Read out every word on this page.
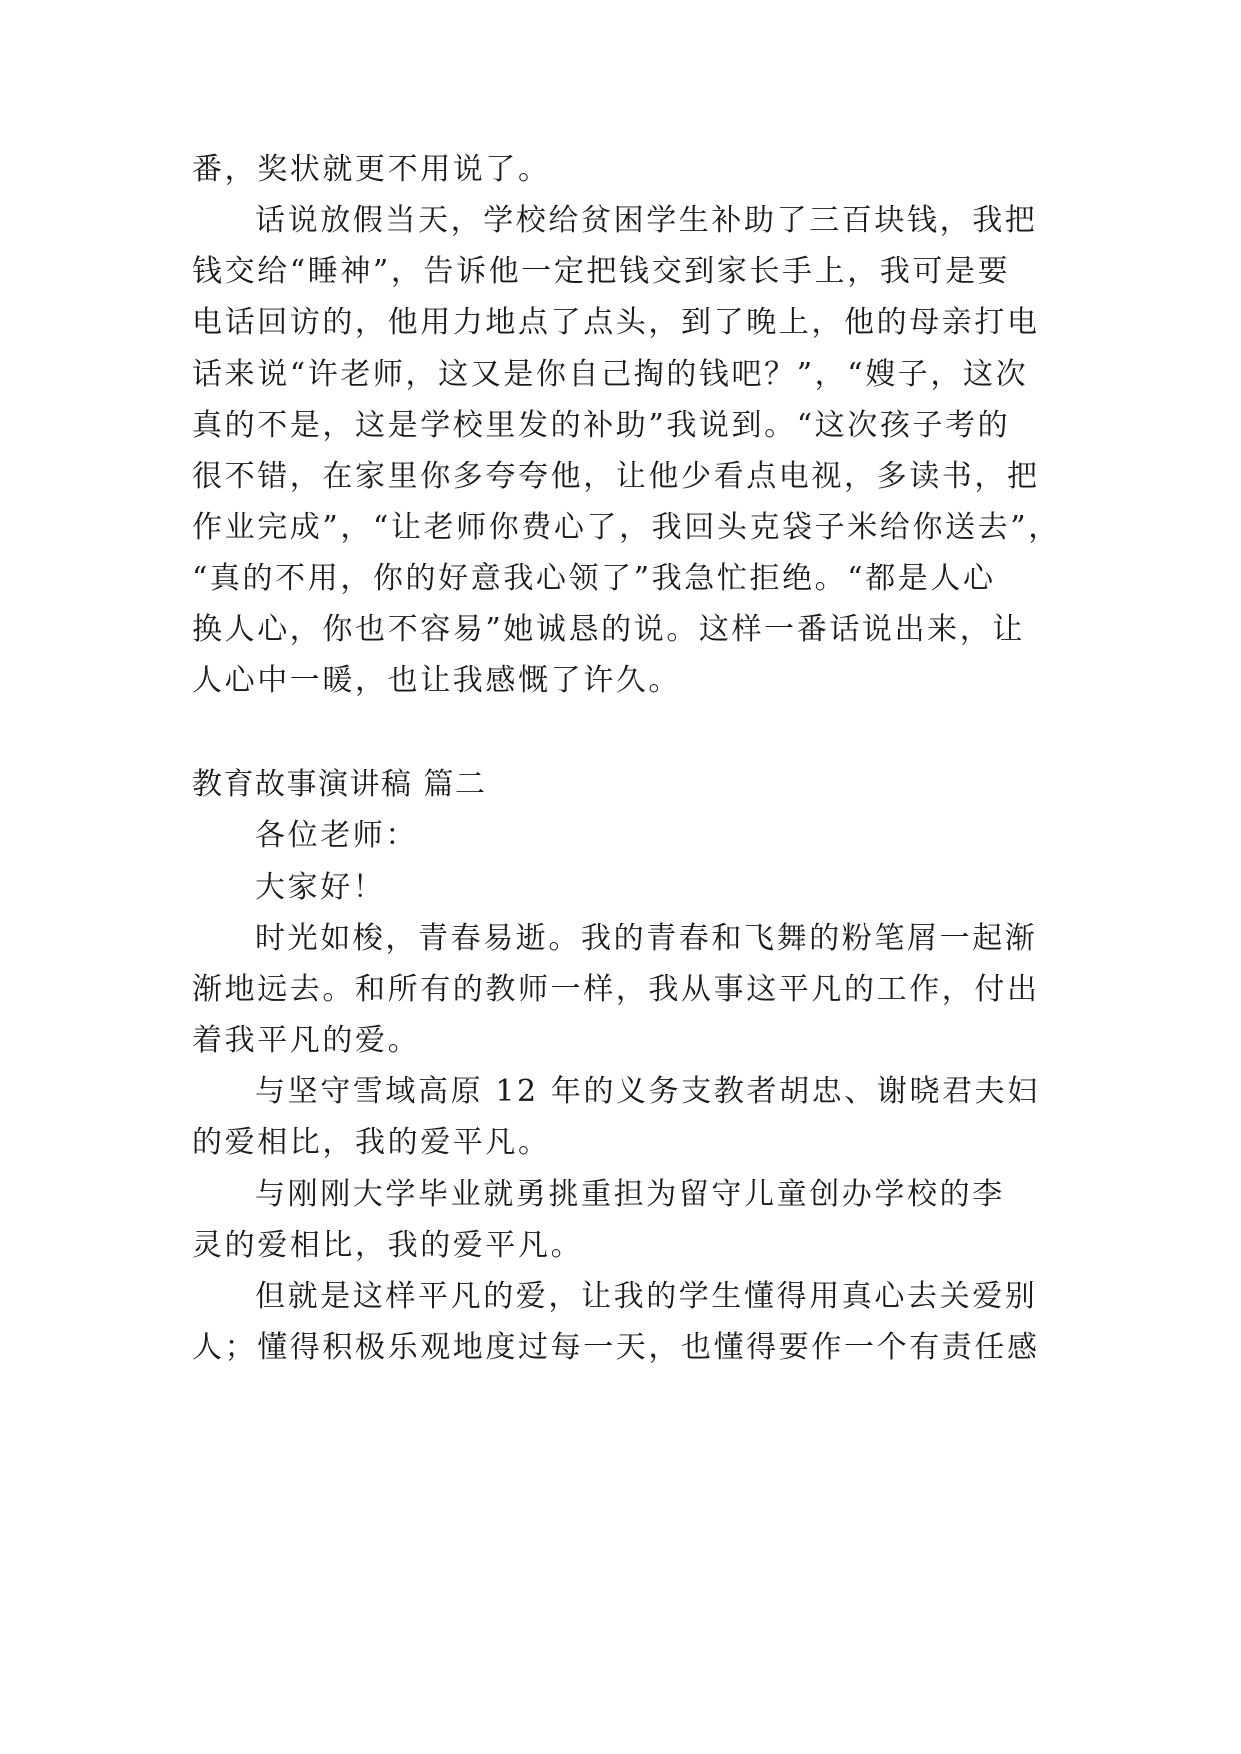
番，奖状就更不用说了。
话说放假当天，学校给贫困学生补助了三百块钱，我把
钱交给“睡神”，告诉他一定把钱交到家长手上，我可是要
电话回访的，他用力地点了点头，到了晚上，他的母亲打电
话来说“许老师，这又是你自己掏的钱吧？”，“嫂子，这次
真的不是，这是学校里发的补助”我说到。“这次孩子考的
很不错，在家里你多夸夸他，让他少看点电视，多读书，把
作业完成”，“让老师你费心了，我回头克袋子米给你送去”，
“真的不用，你的好意我心领了”我急忙拒绝。“都是人心
换人心，你也不容易”她诚恳的说。这样一番话说出来，让
人心中一暖，也让我感慨了许久。
教育故事演讲稿 篇二
各位老师：
大家好！
时光如梭，青春易逝。我的青春和飞舞的粉笔屑一起渐
渐地远去。和所有的教师一样，我从事这平凡的工作，付出
着我平凡的爱。
与坚守雪域高原 12 年的义务支教者胡忠、谢晓君夫妇
的爱相比，我的爱平凡。
与刚刚大学毕业就勇挑重担为留守儿童创办学校的李
灵的爱相比，我的爱平凡。
但就是这样平凡的爱，让我的学生懂得用真心去关爱别
人；懂得积极乐观地度过每一天，也懂得要作一个有责任感
